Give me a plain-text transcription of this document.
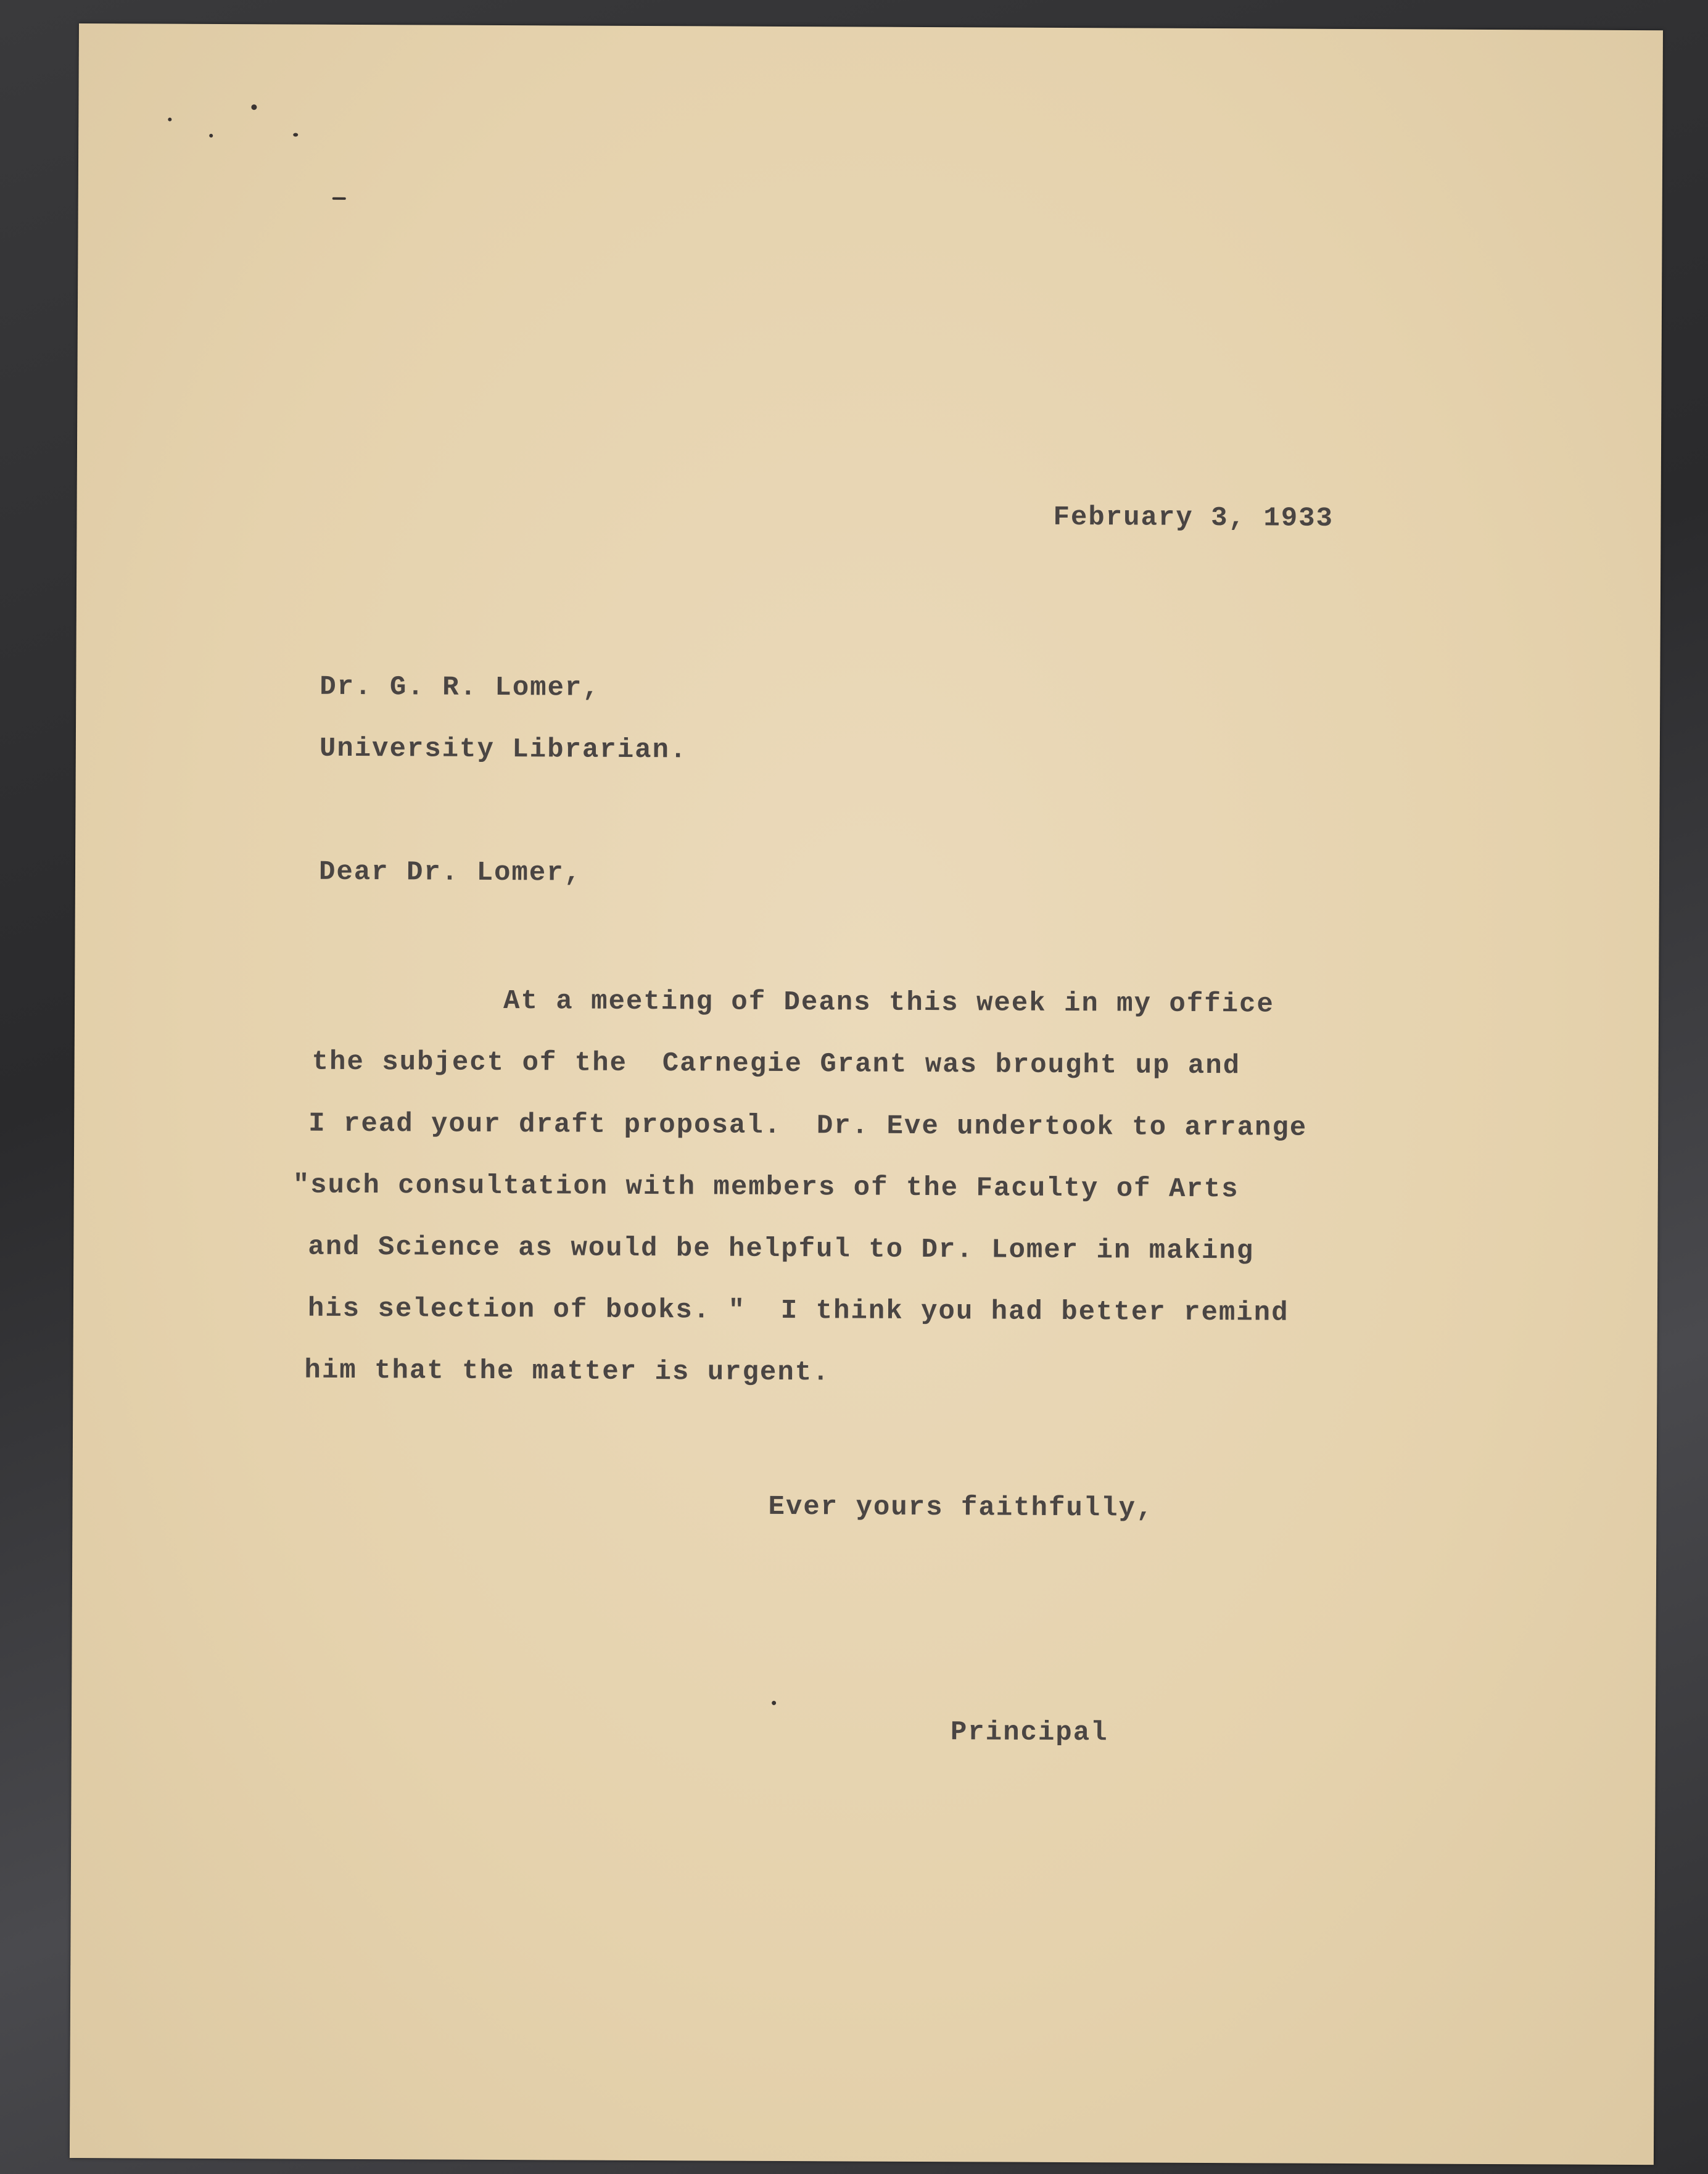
February 3, 1933
Dr. G. R. Lomer,
University Librarian.
Dear Dr. Lomer,
At a meeting of Deans this week in my office
the subject of the  Carnegie Grant was brought up and
I read your draft proposal.  Dr. Eve undertook to arrange
"such consultation with members of the Faculty of Arts
and Science as would be helpful to Dr. Lomer in making
his selection of books. "  I think you had better remind
him that the matter is urgent.
Ever yours faithfully,
Principal
